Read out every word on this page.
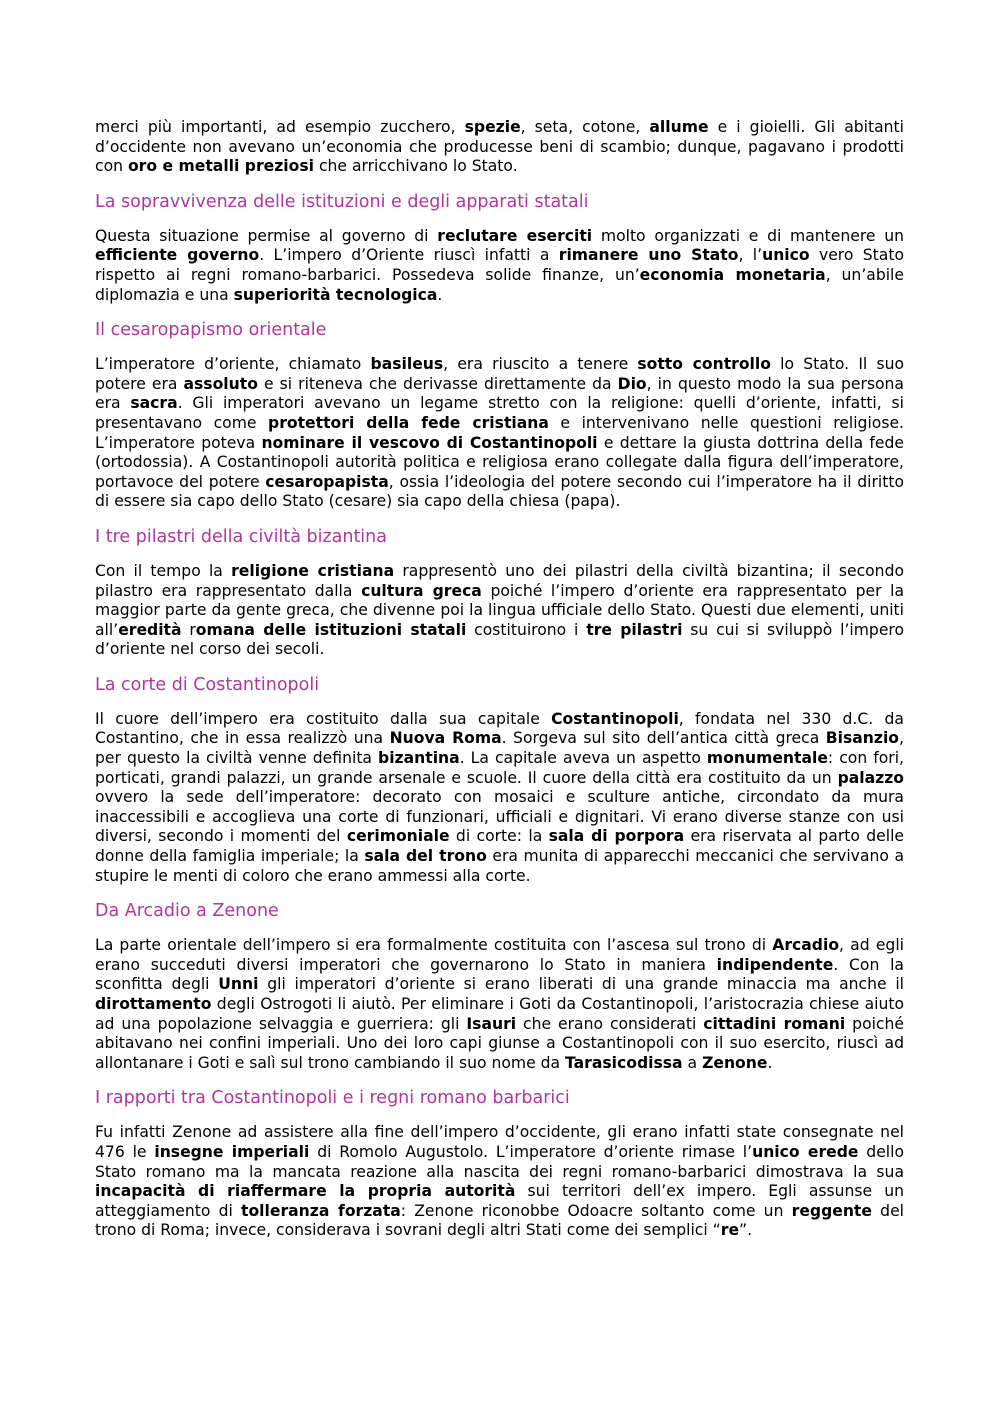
merci più importanti, ad esempio zucchero, spezie, seta, cotone, allume e i gioielli. Gli abitanti d’occidente non avevano un’economia che producesse beni di scambio; dunque, pagavano i prodotti con oro e metalli preziosi che arricchivano lo Stato.

La sopravvivenza delle istituzioni e degli apparati statali

Questa situazione permise al governo di reclutare eserciti molto organizzati e di mantenere un efficiente governo. L’impero d’Oriente riuscì infatti a rimanere uno Stato, l’unico vero Stato rispetto ai regni romano-barbarici. Possedeva solide finanze, un’economia monetaria, un’abile diplomazia e una superiorità tecnologica.

Il cesaropapismo orientale

L’imperatore d’oriente, chiamato basileus, era riuscito a tenere sotto controllo lo Stato. Il suo potere era assoluto e si riteneva che derivasse direttamente da Dio, in questo modo la sua persona era sacra. Gli imperatori avevano un legame stretto con la religione: quelli d’oriente, infatti, si presentavano come protettori della fede cristiana e intervenivano nelle questioni religiose. L’imperatore poteva nominare il vescovo di Costantinopoli e dettare la giusta dottrina della fede (ortodossia). A Costantinopoli autorità politica e religiosa erano collegate dalla figura dell’imperatore, portavoce del potere cesaropapista, ossia l’ideologia del potere secondo cui l’imperatore ha il diritto di essere sia capo dello Stato (cesare) sia capo della chiesa (papa).

I tre pilastri della civiltà bizantina

Con il tempo la religione cristiana rappresentò uno dei pilastri della civiltà bizantina; il secondo pilastro era rappresentato dalla cultura greca poiché l’impero d’oriente era rappresentato per la maggior parte da gente greca, che divenne poi la lingua ufficiale dello Stato. Questi due elementi, uniti all’eredità romana delle istituzioni statali costituirono i tre pilastri su cui si sviluppò l’impero d’oriente nel corso dei secoli.

La corte di Costantinopoli

Il cuore dell’impero era costituito dalla sua capitale Costantinopoli, fondata nel 330 d.C. da Costantino, che in essa realizzò una Nuova Roma. Sorgeva sul sito dell’antica città greca Bisanzio, per questo la civiltà venne definita bizantina. La capitale aveva un aspetto monumentale: con fori, porticati, grandi palazzi, un grande arsenale e scuole. Il cuore della città era costituito da un palazzo ovvero la sede dell’imperatore: decorato con mosaici e sculture antiche, circondato da mura inaccessibili e accoglieva una corte di funzionari, ufficiali e dignitari. Vi erano diverse stanze con usi diversi, secondo i momenti del cerimoniale di corte: la sala di porpora era riservata al parto delle donne della famiglia imperiale; la sala del trono era munita di apparecchi meccanici che servivano a stupire le menti di coloro che erano ammessi alla corte.

Da Arcadio a Zenone

La parte orientale dell’impero si era formalmente costituita con l’ascesa sul trono di Arcadio, ad egli erano succeduti diversi imperatori che governarono lo Stato in maniera indipendente. Con la sconfitta degli Unni gli imperatori d’oriente si erano liberati di una grande minaccia ma anche il dirottamento degli Ostrogoti li aiutò. Per eliminare i Goti da Costantinopoli, l’aristocrazia chiese aiuto ad una popolazione selvaggia e guerriera: gli Isauri che erano considerati cittadini romani poiché abitavano nei confini imperiali. Uno dei loro capi giunse a Costantinopoli con il suo esercito, riuscì ad allontanare i Goti e salì sul trono cambiando il suo nome da Tarasicodissa a Zenone.

I rapporti tra Costantinopoli e i regni romano barbarici

Fu infatti Zenone ad assistere alla fine dell’impero d’occidente, gli erano infatti state consegnate nel 476 le insegne imperiali di Romolo Augustolo. L’imperatore d’oriente rimase l’unico erede dello Stato romano ma la mancata reazione alla nascita dei regni romano-barbarici dimostrava la sua incapacità di riaffermare la propria autorità sui territori dell’ex impero. Egli assunse un atteggiamento di tolleranza forzata: Zenone riconobbe Odoacre soltanto come un reggente del trono di Roma; invece, considerava i sovrani degli altri Stati come dei semplici “re”.
